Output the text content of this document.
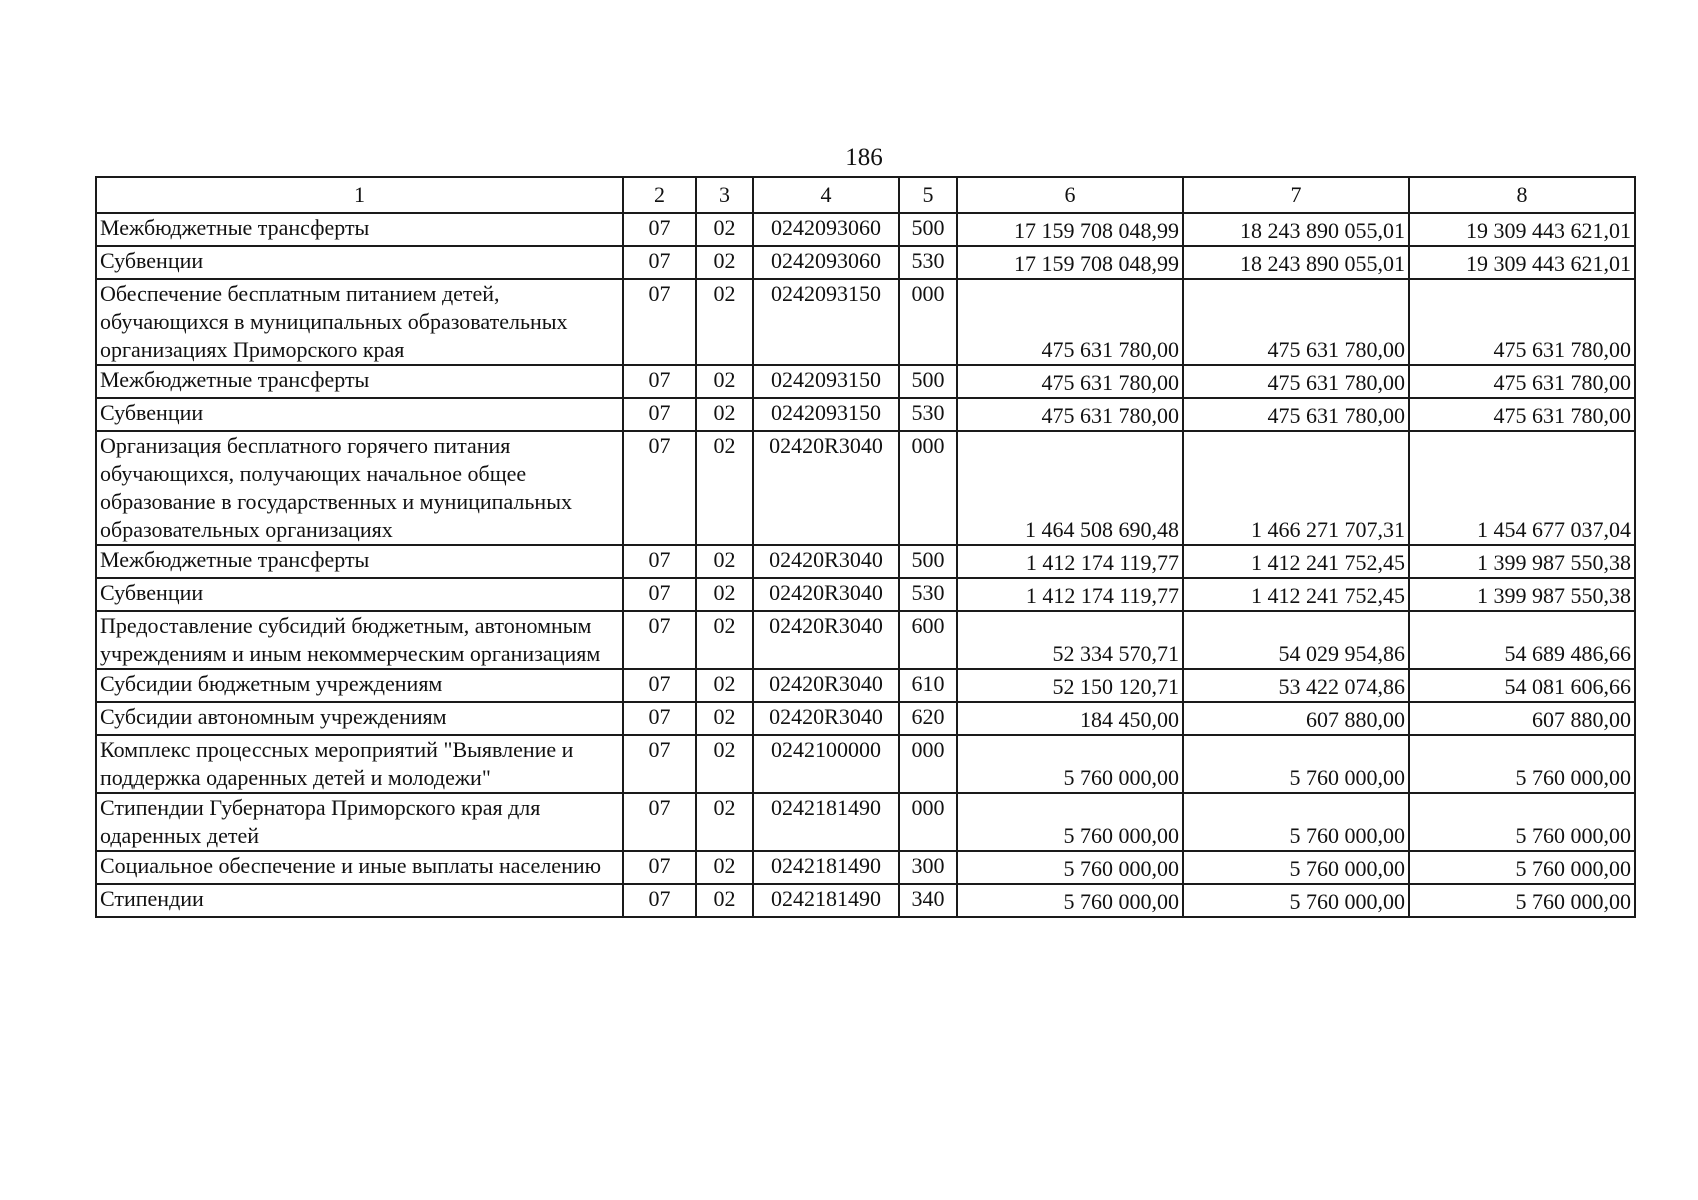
186
1	2	3	4	5	6	7	8
Межбюджетные трансферты	07	02	0242093060	500	17 159 708 048,99	18 243 890 055,01	19 309 443 621,01
Субвенции	07	02	0242093060	530	17 159 708 048,99	18 243 890 055,01	19 309 443 621,01
Обеспечение бесплатным питанием детей, обучающихся в муниципальных образовательных организациях Приморского края	07	02	0242093150	000	475 631 780,00	475 631 780,00	475 631 780,00
Межбюджетные трансферты	07	02	0242093150	500	475 631 780,00	475 631 780,00	475 631 780,00
Субвенции	07	02	0242093150	530	475 631 780,00	475 631 780,00	475 631 780,00
Организация бесплатного горячего питания обучающихся, получающих начальное общее образование в государственных и муниципальных образовательных организациях	07	02	02420R3040	000	1 464 508 690,48	1 466 271 707,31	1 454 677 037,04
Межбюджетные трансферты	07	02	02420R3040	500	1 412 174 119,77	1 412 241 752,45	1 399 987 550,38
Субвенции	07	02	02420R3040	530	1 412 174 119,77	1 412 241 752,45	1 399 987 550,38
Предоставление субсидий бюджетным, автономным учреждениям и иным некоммерческим организациям	07	02	02420R3040	600	52 334 570,71	54 029 954,86	54 689 486,66
Субсидии бюджетным учреждениям	07	02	02420R3040	610	52 150 120,71	53 422 074,86	54 081 606,66
Субсидии автономным учреждениям	07	02	02420R3040	620	184 450,00	607 880,00	607 880,00
Комплекс процессных мероприятий "Выявление и поддержка одаренных детей и молодежи"	07	02	0242100000	000	5 760 000,00	5 760 000,00	5 760 000,00
Стипендии Губернатора Приморского края для одаренных детей	07	02	0242181490	000	5 760 000,00	5 760 000,00	5 760 000,00
Социальное обеспечение и иные выплаты населению	07	02	0242181490	300	5 760 000,00	5 760 000,00	5 760 000,00
Стипендии	07	02	0242181490	340	5 760 000,00	5 760 000,00	5 760 000,00
